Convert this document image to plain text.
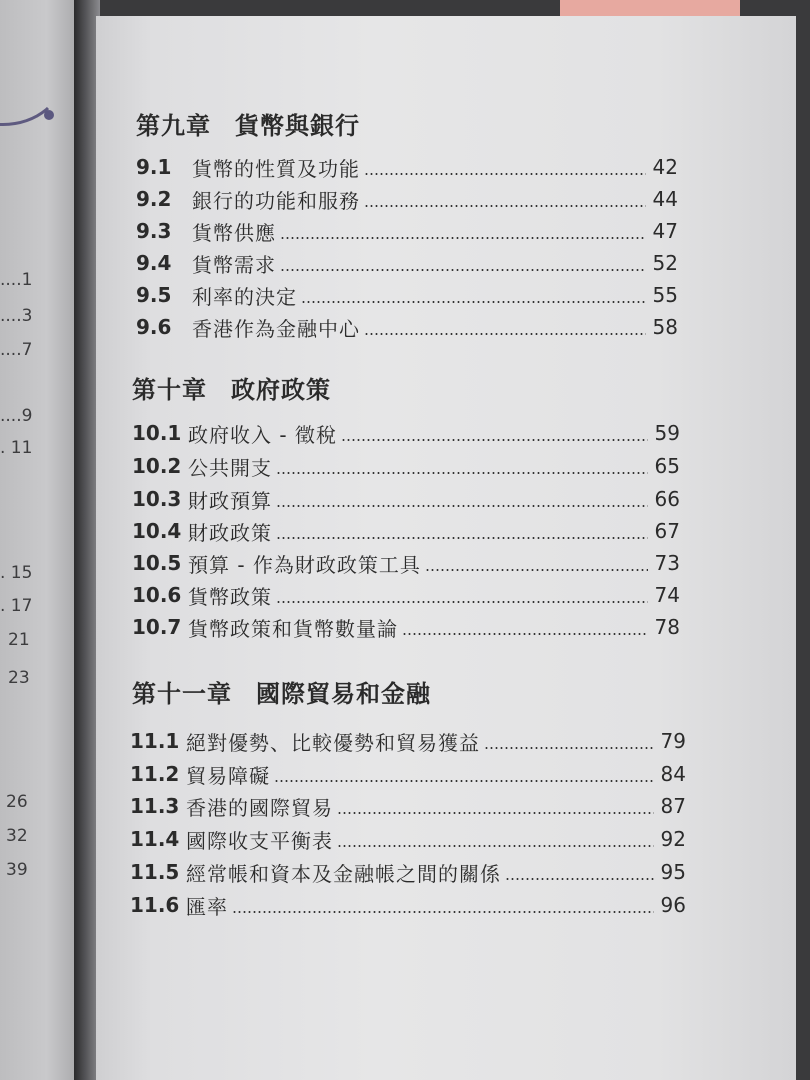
....1
....3
....7
....9
. 11
. 15
. 17
21
23
26
32
39
第九章 貨幣與銀行
9.1	貨幣的性質及功能	42
9.2	銀行的功能和服務	44
9.3	貨幣供應	47
9.4	貨幣需求	52
9.5	利率的決定	55
9.6	香港作為金融中心	58
第十章 政府政策
10.1 政府收入 - 徵稅	59
10.2 公共開支	65
10.3 財政預算	66
10.4 財政政策	67
10.5 預算 - 作為財政政策工具	73
10.6 貨幣政策	74
10.7 貨幣政策和貨幣數量論	78
第十一章 國際貿易和金融
11.1 絕對優勢、比較優勢和貿易獲益	79
11.2 貿易障礙	84
11.3 香港的國際貿易	87
11.4 國際收支平衡表	92
11.5 經常帳和資本及金融帳之間的關係	95
11.6 匯率	96
